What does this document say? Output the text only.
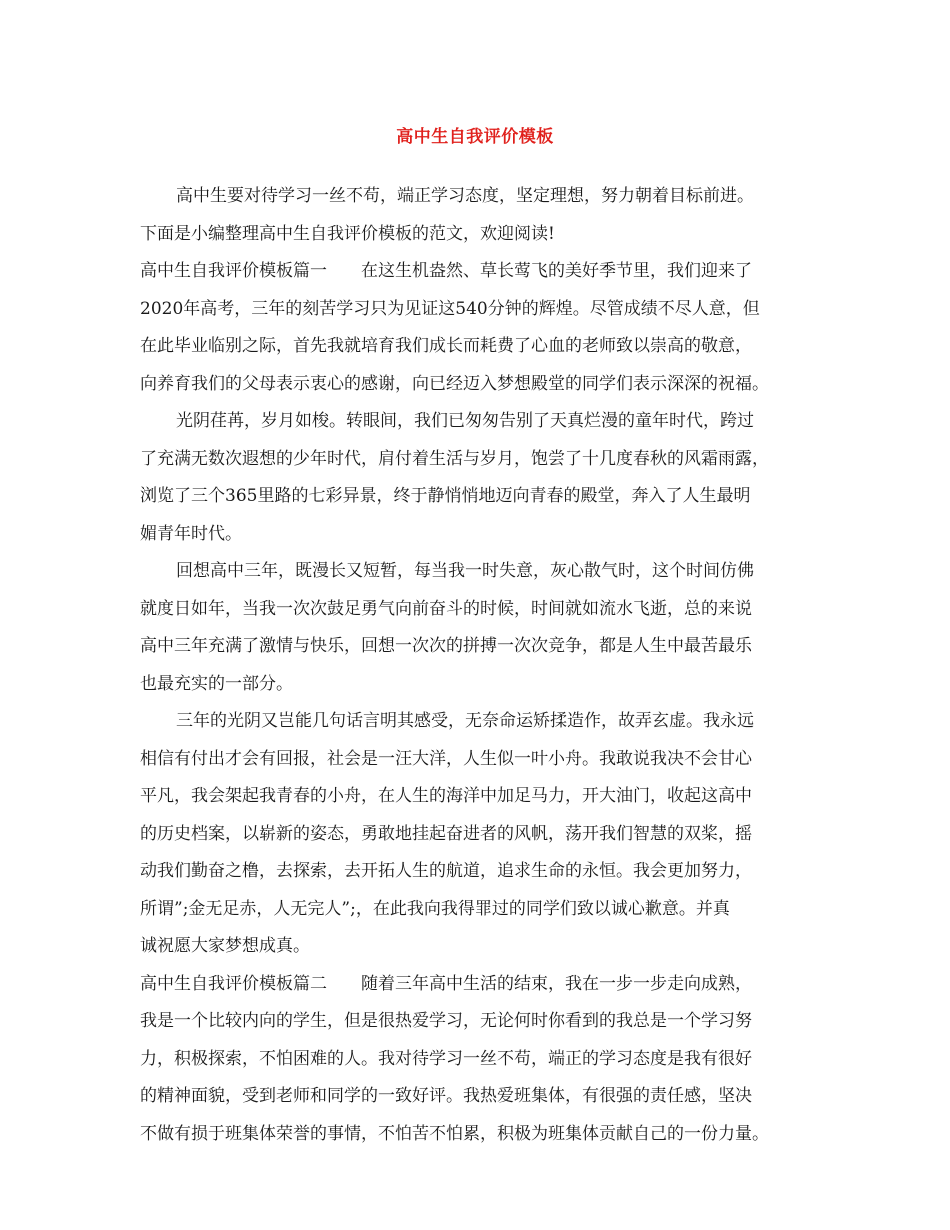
高中生自我评价模板
高中生要对待学习一丝不苟，端正学习态度，坚定理想，努力朝着目标前进。
下面是小编整理高中生自我评价模板的范文，欢迎阅读!
高中生自我评价模板篇一 在这生机盎然、草长莺飞的美好季节里，我们迎来了
2020年高考，三年的刻苦学习只为见证这540分钟的辉煌。尽管成绩不尽人意，但
在此毕业临别之际，首先我就培育我们成长而耗费了心血的老师致以崇高的敬意，
向养育我们的父母表示衷心的感谢，向已经迈入梦想殿堂的同学们表示深深的祝福。
光阴荏苒，岁月如梭。转眼间，我们已匆匆告别了天真烂漫的童年时代，跨过
了充满无数次遐想的少年时代，肩付着生活与岁月，饱尝了十几度春秋的风霜雨露，
浏览了三个365里路的七彩异景，终于静悄悄地迈向青春的殿堂，奔入了人生最明
媚青年时代。
回想高中三年，既漫长又短暂，每当我一时失意，灰心散气时，这个时间仿佛
就度日如年，当我一次次鼓足勇气向前奋斗的时候，时间就如流水飞逝，总的来说
高中三年充满了激情与快乐，回想一次次的拼搏一次次竞争，都是人生中最苦最乐
也最充实的一部分。
三年的光阴又岂能几句话言明其感受，无奈命运矫揉造作，故弄玄虚。我永远
相信有付出才会有回报，社会是一汪大洋，人生似一叶小舟。我敢说我决不会甘心
平凡，我会架起我青春的小舟，在人生的海洋中加足马力，开大油门，收起这高中
的历史档案，以崭新的姿态，勇敢地挂起奋进者的风帆，荡开我们智慧的双桨，摇
动我们勤奋之橹，去探索，去开拓人生的航道，追求生命的永恒。我会更加努力，
所谓”;金无足赤，人无完人”;，在此我向我得罪过的同学们致以诚心歉意。并真
诚祝愿大家梦想成真。
高中生自我评价模板篇二 随着三年高中生活的结束，我在一步一步走向成熟，
我是一个比较内向的学生，但是很热爱学习，无论何时你看到的我总是一个学习努
力，积极探索，不怕困难的人。我对待学习一丝不苟，端正的学习态度是我有很好
的精神面貌，受到老师和同学的一致好评。我热爱班集体，有很强的责任感，坚决
不做有损于班集体荣誉的事情，不怕苦不怕累，积极为班集体贡献自己的一份力量。
